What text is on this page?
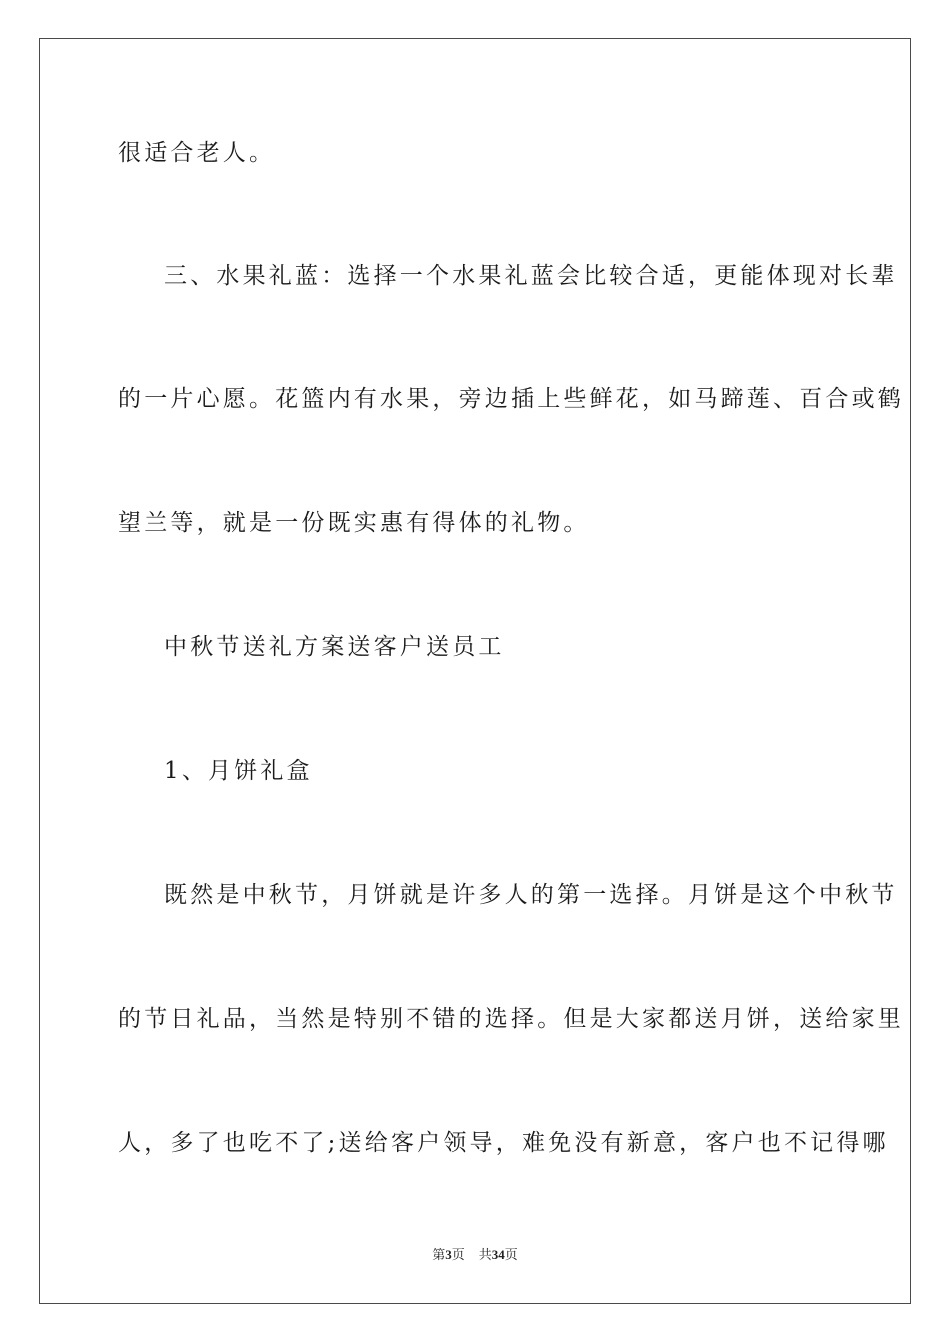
很适合老人。
三、水果礼蓝：选择一个水果礼蓝会比较合适，更能体现对长辈
的一片心愿。花篮内有水果，旁边插上些鲜花，如马蹄莲、百合或鹤
望兰等，就是一份既实惠有得体的礼物。
中秋节送礼方案送客户送员工
1、月饼礼盒
既然是中秋节，月饼就是许多人的第一选择。月饼是这个中秋节
的节日礼品，当然是特别不错的选择。但是大家都送月饼，送给家里
人，多了也吃不了;送给客户领导，难免没有新意，客户也不记得哪
第3页 共34页
